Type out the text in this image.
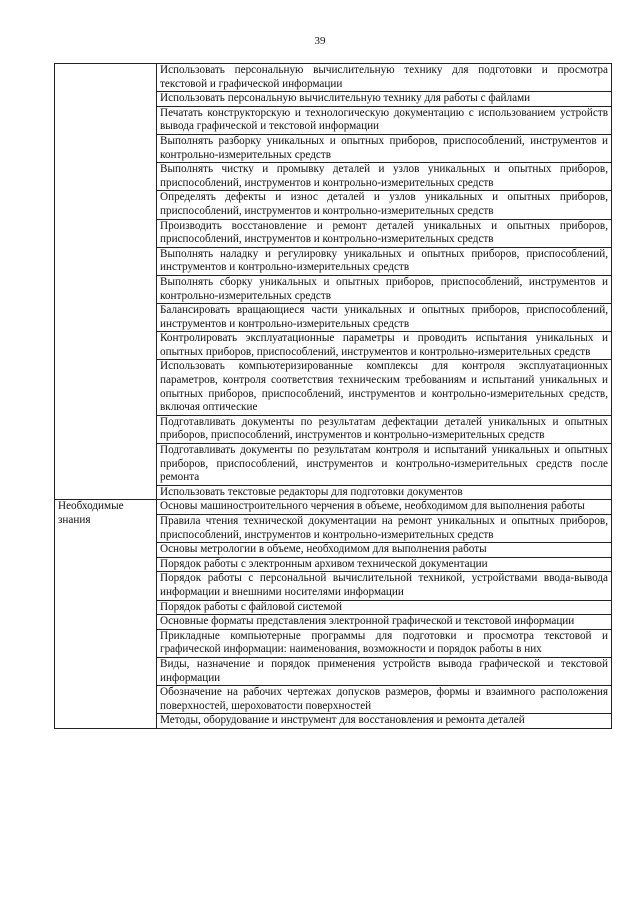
39
	Использовать персональную вычислительную технику для подготовки и просмотра текстовой и графической информации
	Использовать персональную вычислительную технику для работы с файлами
	Печатать конструкторскую и технологическую документацию с использованием устройств вывода графической и текстовой информации
	Выполнять разборку уникальных и опытных приборов, приспособлений, инструментов и контрольно-измерительных средств
	Выполнять чистку и промывку деталей и узлов уникальных и опытных приборов, приспособлений, инструментов и контрольно-измерительных средств
	Определять дефекты и износ деталей и узлов уникальных и опытных приборов, приспособлений, инструментов и контрольно-измерительных средств
	Производить восстановление и ремонт деталей уникальных и опытных приборов, приспособлений, инструментов и контрольно-измерительных средств
	Выполнять наладку и регулировку уникальных и опытных приборов, приспособлений, инструментов и контрольно-измерительных средств
	Выполнять сборку уникальных и опытных приборов, приспособлений, инструментов и контрольно-измерительных средств
	Балансировать вращающиеся части уникальных и опытных приборов, приспособлений, инструментов и контрольно-измерительных средств
	Контролировать эксплуатационные параметры и проводить испытания уникальных и опытных приборов, приспособлений, инструментов и контрольно-измерительных средств
	Использовать компьютеризированные комплексы для контроля эксплуатационных параметров, контроля соответствия техническим требованиям и испытаний уникальных и опытных приборов, приспособлений, инструментов и контрольно-измерительных средств, включая оптические
	Подготавливать документы по результатам дефектации деталей уникальных и опытных приборов, приспособлений, инструментов и контрольно-измерительных средств
	Подготавливать документы по результатам контроля и испытаний уникальных и опытных приборов, приспособлений, инструментов и контрольно-измерительных средств после ремонта
	Использовать текстовые редакторы для подготовки документов
Необходимые знания	Основы машиностроительного черчения в объеме, необходимом для выполнения работы
	Правила чтения технической документации на ремонт уникальных и опытных приборов, приспособлений, инструментов и контрольно-измерительных средств
	Основы метрологии в объеме, необходимом для выполнения работы
	Порядок работы с электронным архивом технической документации
	Порядок работы с персональной вычислительной техникой, устройствами ввода-вывода информации и внешними носителями информации
	Порядок работы с файловой системой
	Основные форматы представления электронной графической и текстовой информации
	Прикладные компьютерные программы для подготовки и просмотра текстовой и графической информации: наименования, возможности и порядок работы в них
	Виды, назначение и порядок применения устройств вывода графической и текстовой информации
	Обозначение на рабочих чертежах допусков размеров, формы и взаимного расположения поверхностей, шероховатости поверхностей
	Методы, оборудование и инструмент для восстановления и ремонта деталей
